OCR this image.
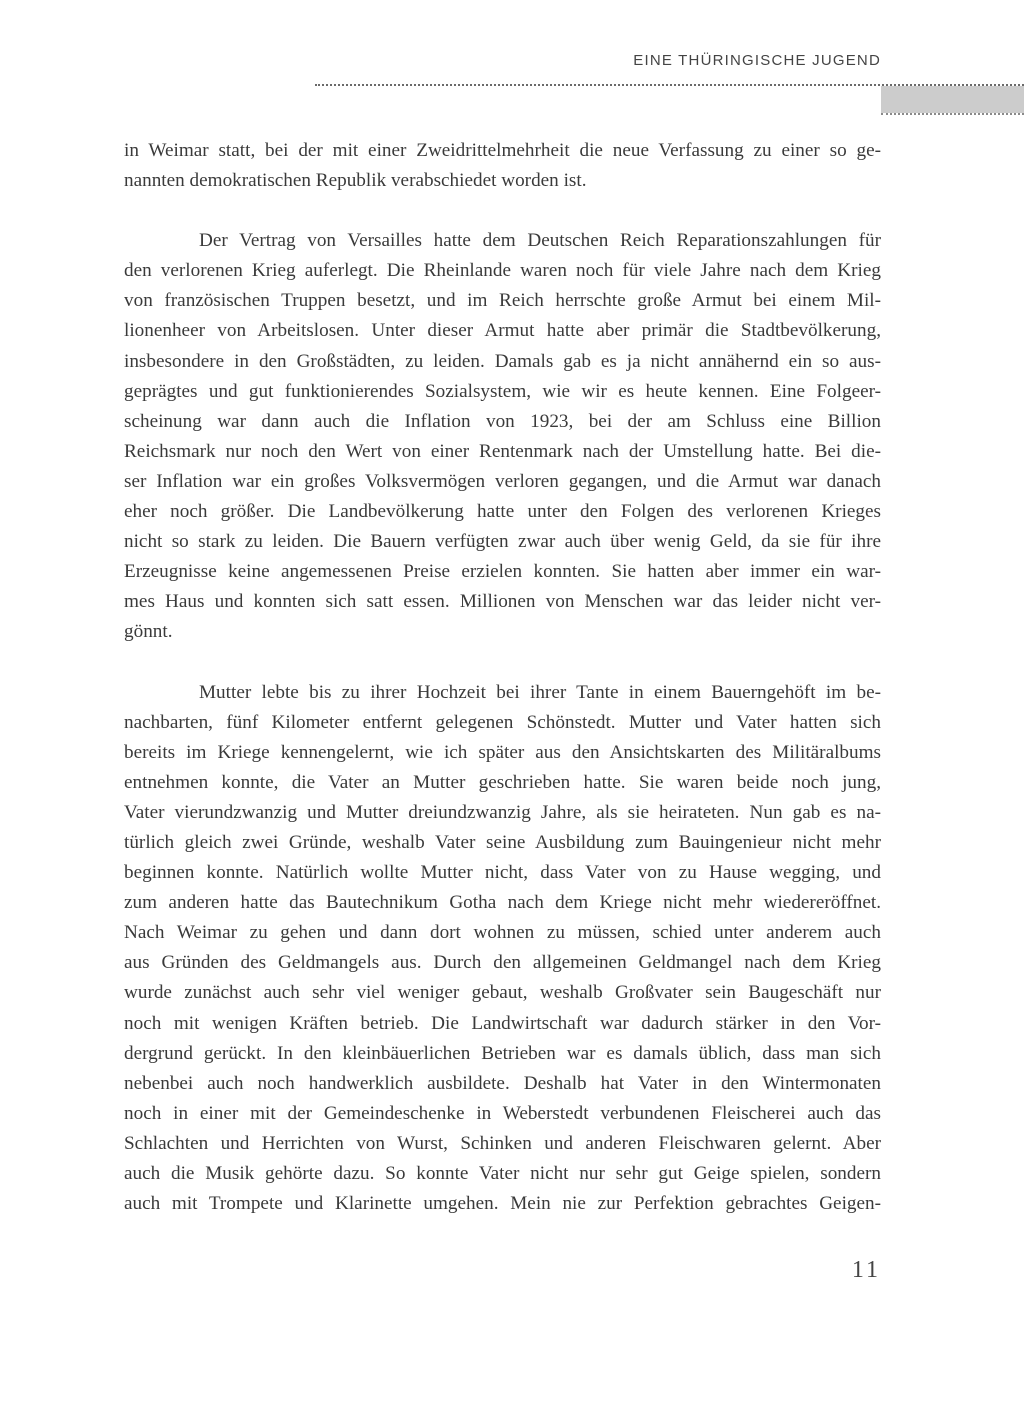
EINE THÜRINGISCHE JUGEND
in Weimar statt, bei der mit einer Zweidrittelmehrheit die neue Verfassung zu einer so ge-
nannten demokratischen Republik verabschiedet worden ist.
Der Vertrag von Versailles hatte dem Deutschen Reich Reparationszahlungen für
den verlorenen Krieg auferlegt. Die Rheinlande waren noch für viele Jahre nach dem Krieg
von französischen Truppen besetzt, und im Reich herrschte große Armut bei einem Mil-
lionenheer von Arbeitslosen. Unter dieser Armut hatte aber primär die Stadtbevölkerung,
insbesondere in den Großstädten, zu leiden. Damals gab es ja nicht annähernd ein so aus-
geprägtes und gut funktionierendes Sozialsystem, wie wir es heute kennen. Eine Folgeer-
scheinung war dann auch die Inflation von 1923, bei der am Schluss eine Billion
Reichsmark nur noch den Wert von einer Rentenmark nach der Umstellung hatte. Bei die-
ser Inflation war ein großes Volksvermögen verloren gegangen, und die Armut war danach
eher noch größer. Die Landbevölkerung hatte unter den Folgen des verlorenen Krieges
nicht so stark zu leiden. Die Bauern verfügten zwar auch über wenig Geld, da sie für ihre
Erzeugnisse keine angemessenen Preise erzielen konnten. Sie hatten aber immer ein war-
mes Haus und konnten sich satt essen. Millionen von Menschen war das leider nicht ver-
gönnt.
Mutter lebte bis zu ihrer Hochzeit bei ihrer Tante in einem Bauerngehöft im be-
nachbarten, fünf Kilometer entfernt gelegenen Schönstedt. Mutter und Vater hatten sich
bereits im Kriege kennengelernt, wie ich später aus den Ansichtskarten des Militäralbums
entnehmen konnte, die Vater an Mutter geschrieben hatte. Sie waren beide noch jung,
Vater vierundzwanzig und Mutter dreiundzwanzig Jahre, als sie heirateten. Nun gab es na-
türlich gleich zwei Gründe, weshalb Vater seine Ausbildung zum Bauingenieur nicht mehr
beginnen konnte. Natürlich wollte Mutter nicht, dass Vater von zu Hause wegging, und
zum anderen hatte das Bautechnikum Gotha nach dem Kriege nicht mehr wiedereröffnet.
Nach Weimar zu gehen und dann dort wohnen zu müssen, schied unter anderem auch
aus Gründen des Geldmangels aus. Durch den allgemeinen Geldmangel nach dem Krieg
wurde zunächst auch sehr viel weniger gebaut, weshalb Großvater sein Baugeschäft nur
noch mit wenigen Kräften betrieb. Die Landwirtschaft war dadurch stärker in den Vor-
dergrund gerückt. In den kleinbäuerlichen Betrieben war es damals üblich, dass man sich
nebenbei auch noch handwerklich ausbildete. Deshalb hat Vater in den Wintermonaten
noch in einer mit der Gemeindeschenke in Weberstedt verbundenen Fleischerei auch das
Schlachten und Herrichten von Wurst, Schinken und anderen Fleischwaren gelernt. Aber
auch die Musik gehörte dazu. So konnte Vater nicht nur sehr gut Geige spielen, sondern
auch mit Trompete und Klarinette umgehen. Mein nie zur Perfektion gebrachtes Geigen-
11
